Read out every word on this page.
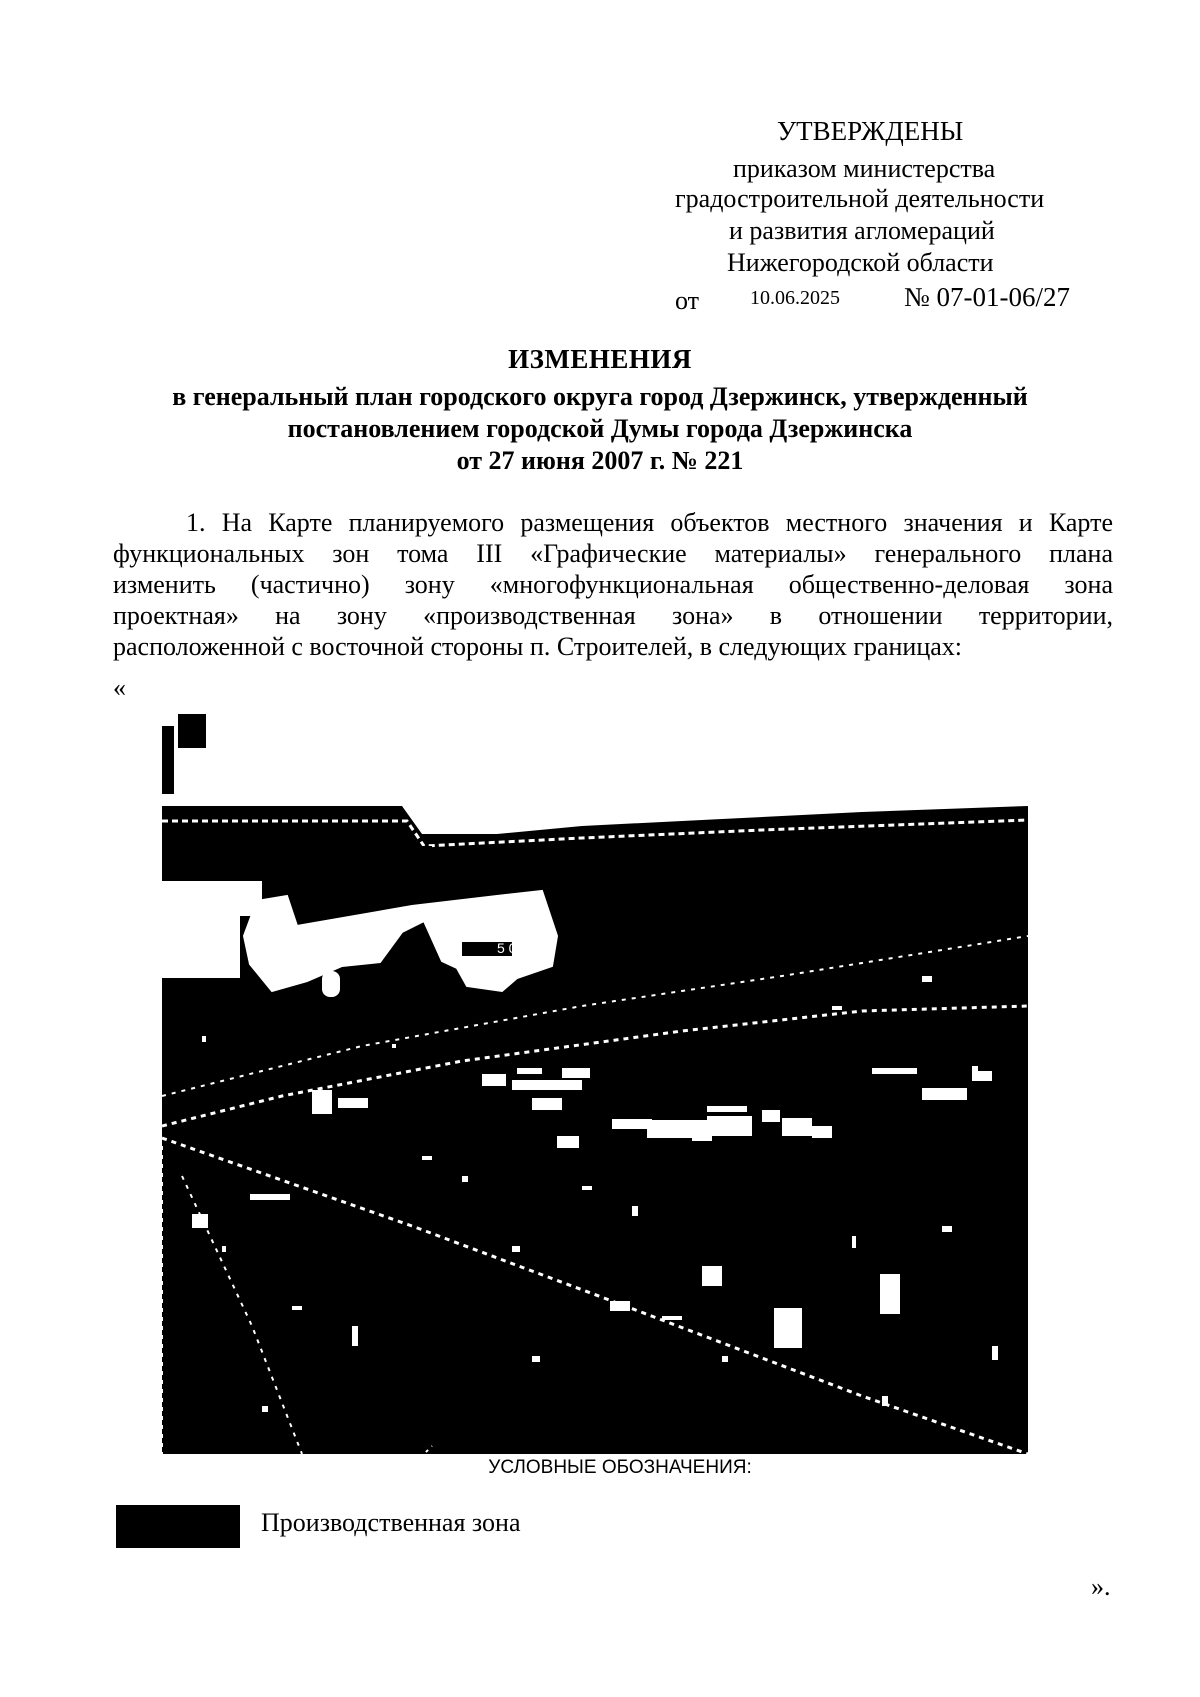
УТВЕРЖДЕНЫ
приказом министерства
градостроительной деятельности
и развития агломераций
Нижегородской области
от	10.06.2025 № 07-01-06/27
ИЗМЕНЕНИЯ
в генеральный план городского округа город Дзержинск, утвержденный
постановлением городской Думы города Дзержинска
от 27 июня 2007 г. № 221
1. На Карте планируемого размещения объектов местного значения и Карте
функциональных зон тома III «Графические материалы» генерального плана
изменить (частично) зону «многофункциональная общественно-деловая зона
проектная» на зону «производственная зона» в отношении территории,
расположенной с восточной стороны п. Строителей, в следующих границах:
«
5 0 d
УСЛОВНЫЕ ОБОЗНАЧЕНИЯ:
Производственная зона
».
